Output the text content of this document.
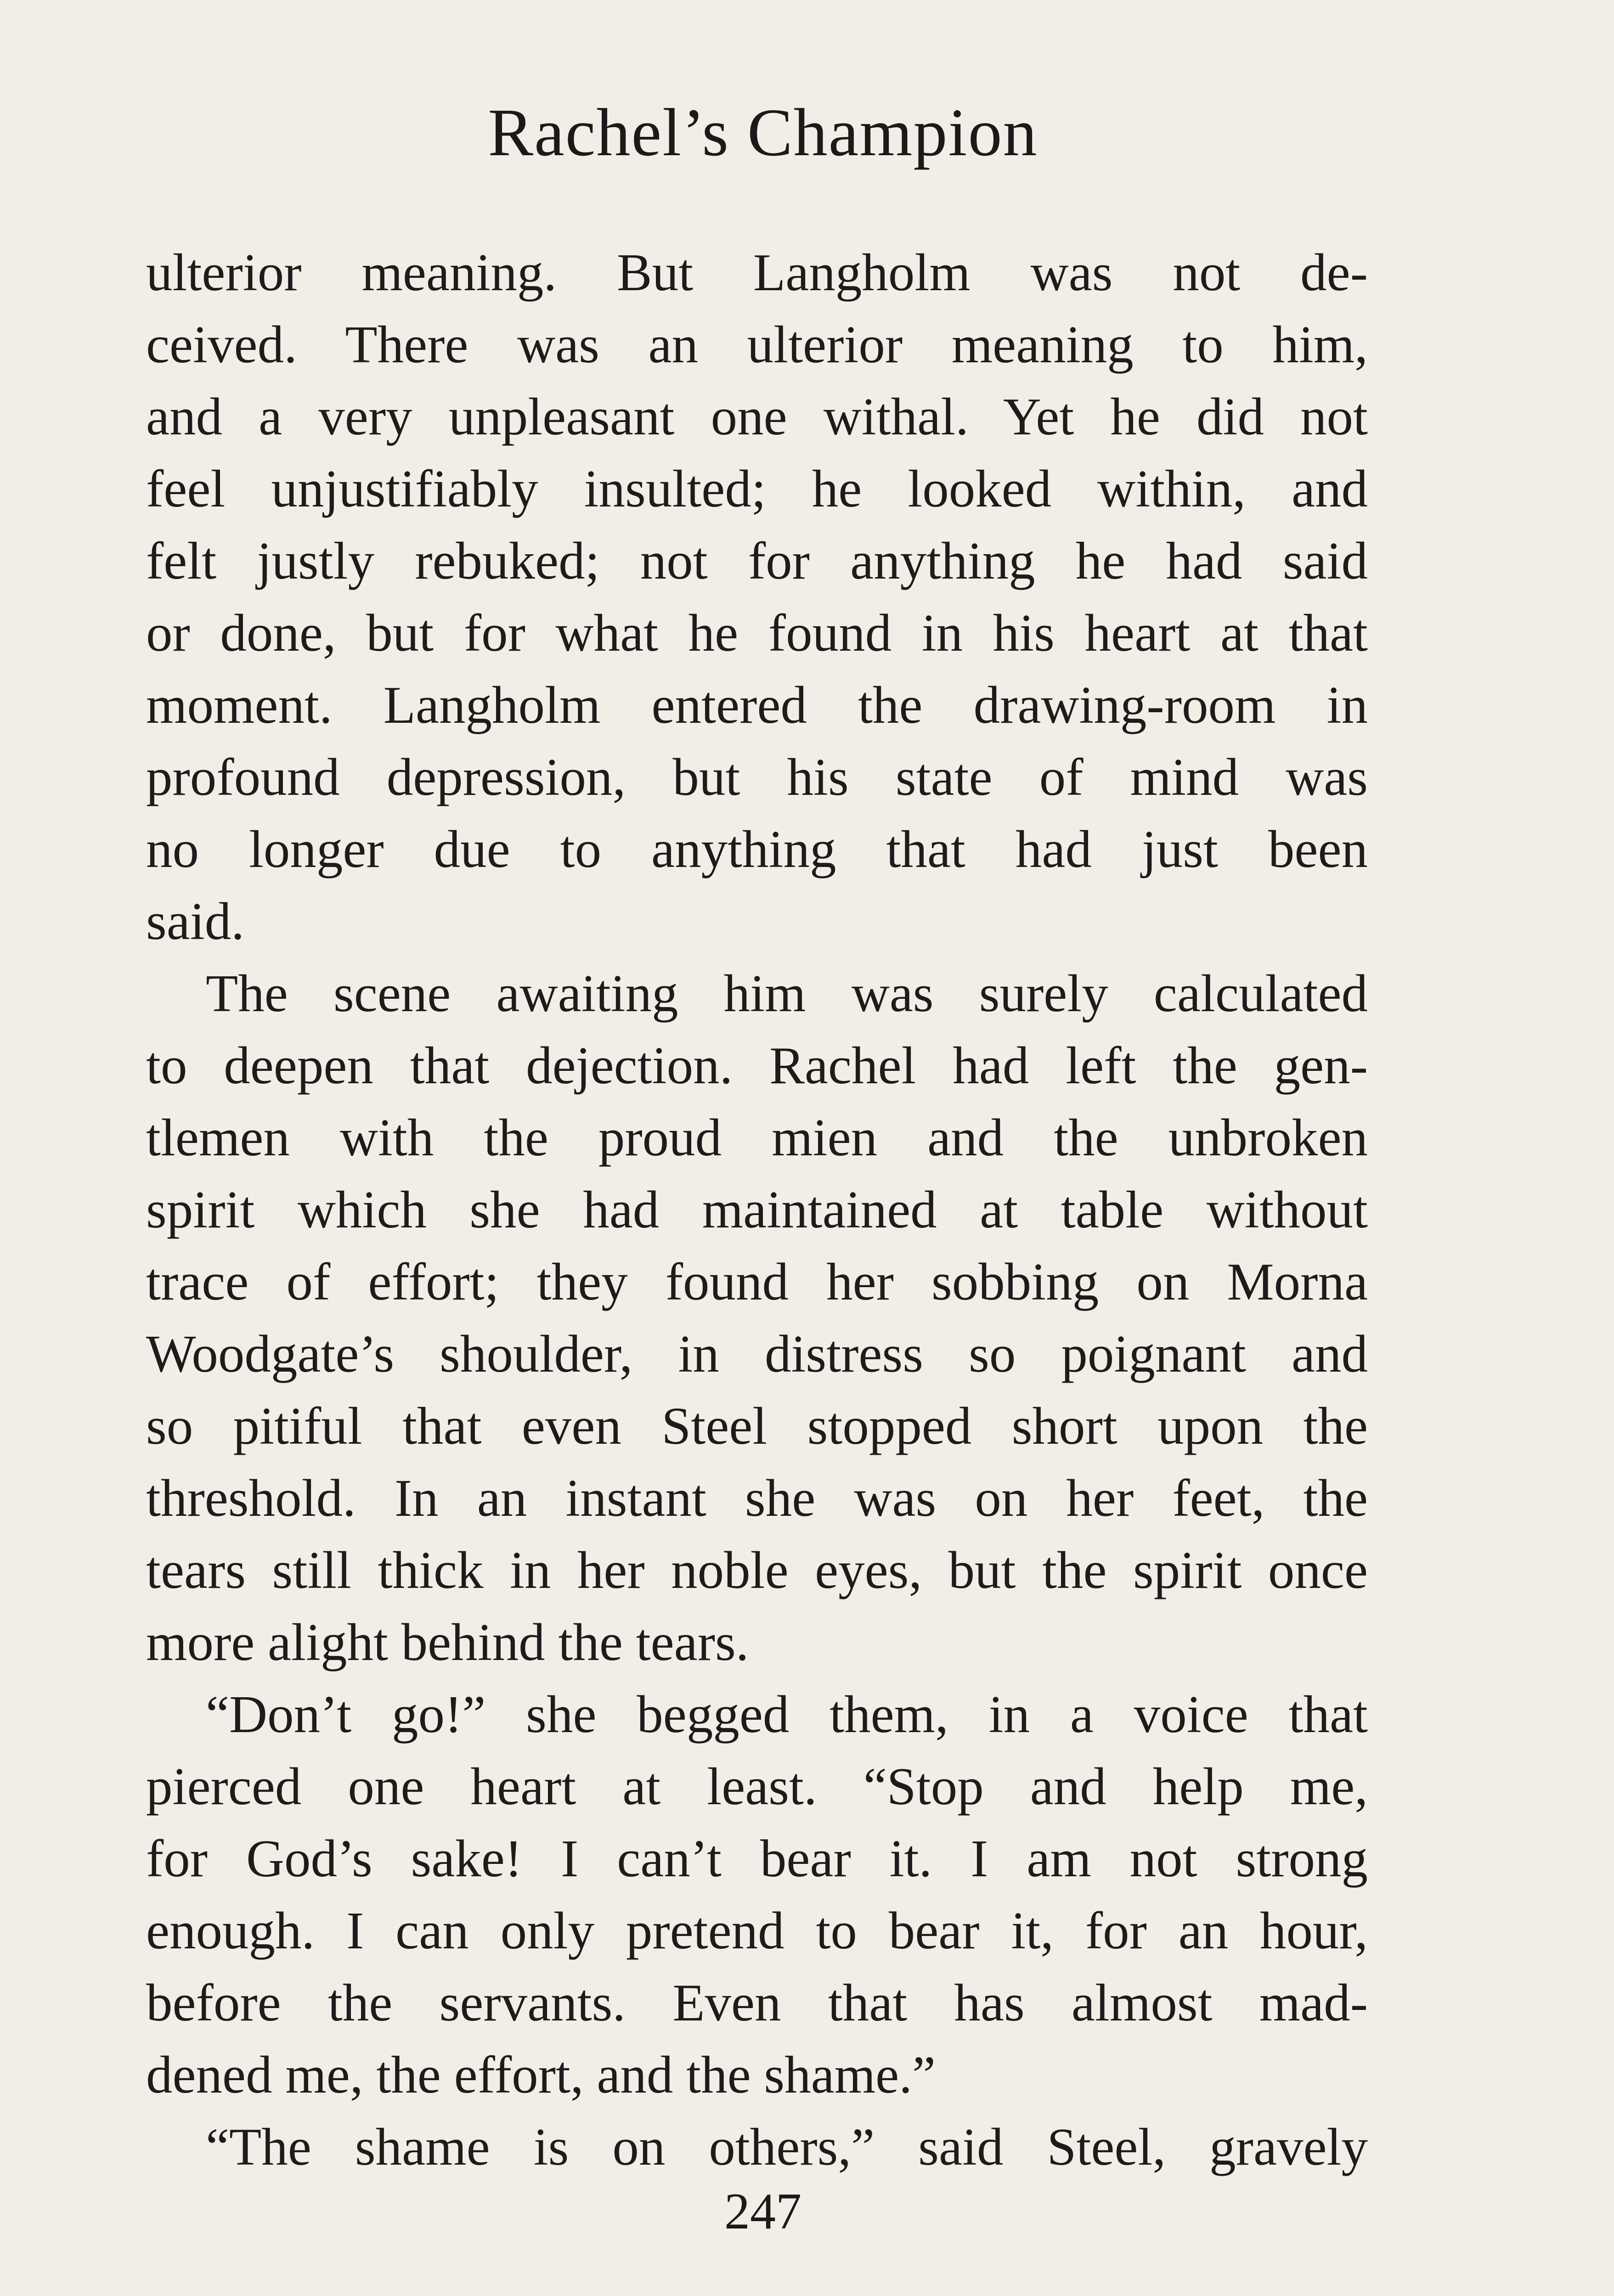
Rachel’s Champion
ulterior meaning. But Langholm was not de-
ceived. There was an ulterior meaning to him,
and a very unpleasant one withal. Yet he did not
feel unjustifiably insulted; he looked within, and
felt justly rebuked; not for anything he had said
or done, but for what he found in his heart at that
moment. Langholm entered the drawing-room in
profound depression, but his state of mind was
no longer due to anything that had just been
said.
The scene awaiting him was surely calculated
to deepen that dejection. Rachel had left the gen-
tlemen with the proud mien and the unbroken
spirit which she had maintained at table without
trace of effort; they found her sobbing on Morna
Woodgate’s shoulder, in distress so poignant and
so pitiful that even Steel stopped short upon the
threshold. In an instant she was on her feet, the
tears still thick in her noble eyes, but the spirit once
more alight behind the tears.
“Don’t go!” she begged them, in a voice that
pierced one heart at least. “Stop and help me,
for God’s sake! I can’t bear it. I am not strong
enough. I can only pretend to bear it, for an hour,
before the servants. Even that has almost mad-
dened me, the effort, and the shame.”
“The shame is on others,” said Steel, gravely
247
